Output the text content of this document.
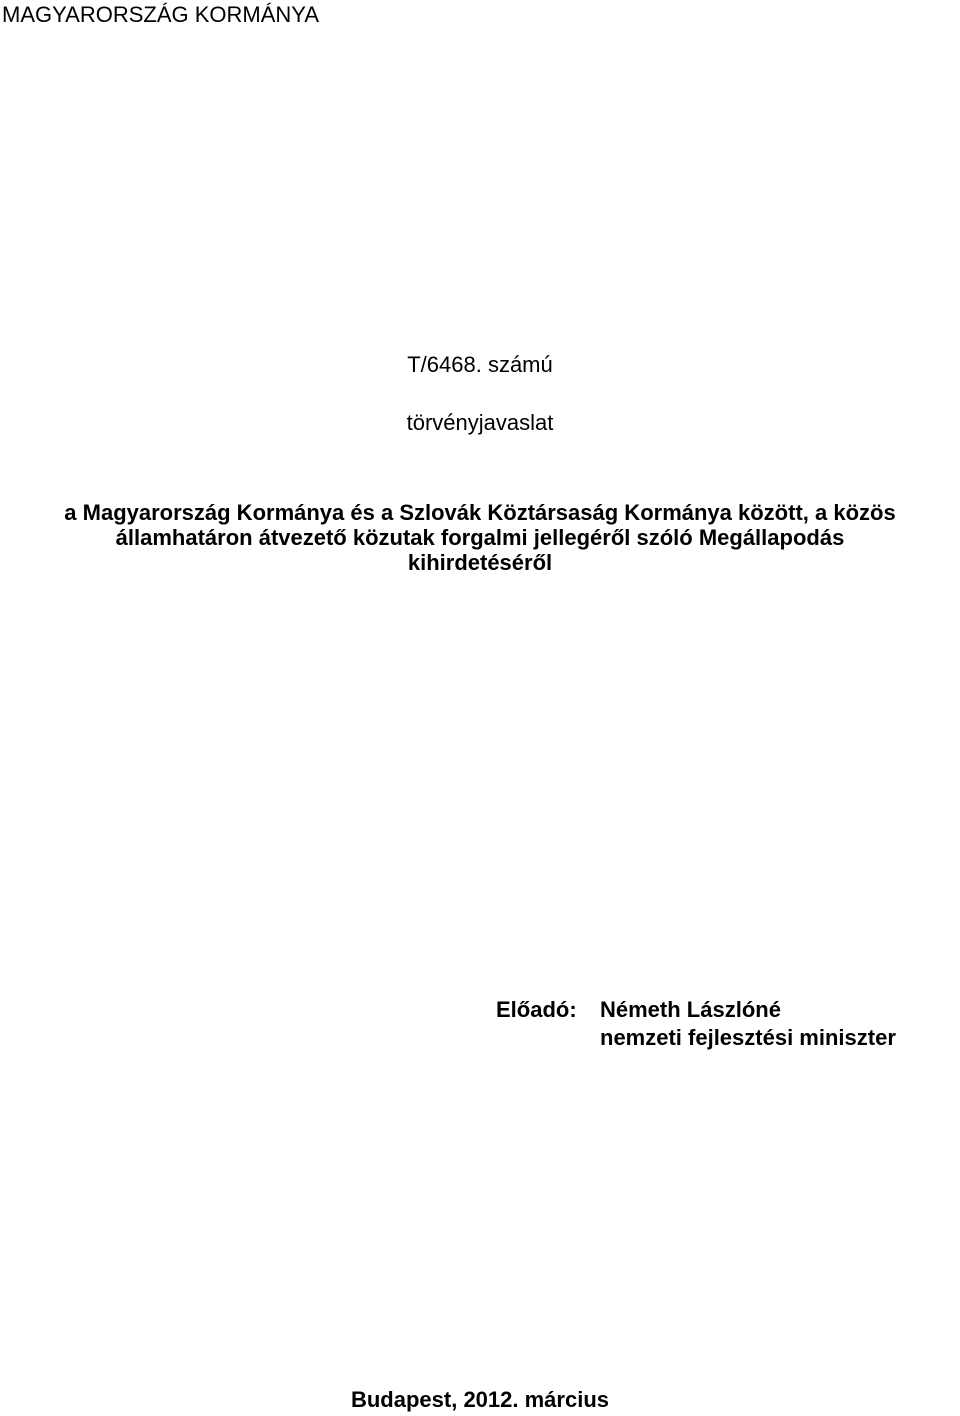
MAGYARORSZÁG KORMÁNYA
T/6468. számú
törvényjavaslat
a Magyarország Kormánya és a Szlovák Köztársaság Kormánya között, a közös
államhatáron átvezető közutak forgalmi jellegéről szóló Megállapodás
kihirdetéséről
Előadó:	Németh Lászlóné
nemzeti fejlesztési miniszter
Budapest, 2012. március
